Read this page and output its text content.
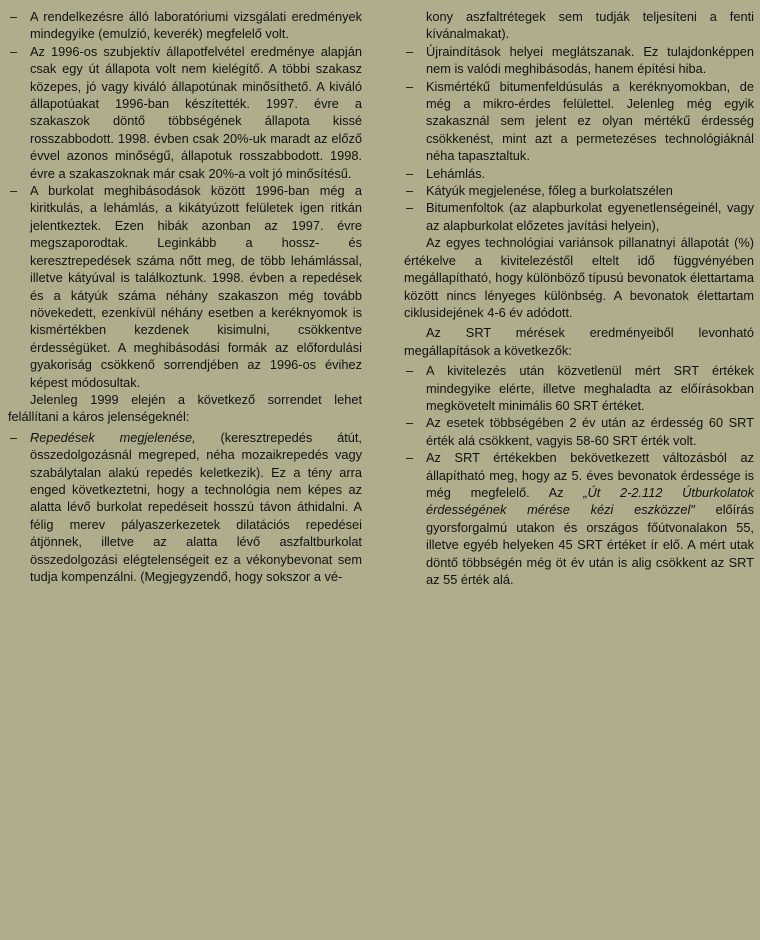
– A rendelkezésre álló laboratóriumi vizsgálati eredmények mindegyike (emulzió, keverék) megfelelő volt.

– Az 1996-os szubjektív állapotfelvétel eredménye alapján csak egy út állapota volt nem kielégítő. A többi szakasz közepes, jó vagy kiváló állapotúnak minősíthető. A kiváló állapotúakat 1996-ban készítették. 1997. évre a szakaszok döntő többségének állapota kissé rosszabbodott. 1998. évben csak 20%-uk maradt az előző évvel azonos minőségű, állapotuk rosszabbodott. 1998. évre a szakaszoknak már csak 20%-a volt jó minősítésű.

– A burkolat meghibásodások között 1996-ban még a kiritkulás, a lehámlás, a kikátyúzott felületek igen ritkán jelentkeztek. Ezen hibák azonban az 1997. évre megszaporodtak. Leginkább a hossz- és keresztrepedések száma nőtt meg, de több lehámlással, illetve kátyúval is találkoztunk. 1998. évben a repedések és a kátyúk száma néhány szakaszon még tovább növekedett, ezenkívül néhány esetben a keréknyomok is kismértékben kezdenek kisimulni, csökkentve érdességüket. A meghibásodási formák az előfordulási gyakoriság csökkenő sorrendjében az 1996-os évihez képest módosultak.

Jelenleg 1999 elején a következő sorrendet lehet felállítani a káros jelenségeknél:

– Repedések megjelenése, (keresztrepedés átút, összedolgozásnál megreped, néha mozaikrepedés vagy szabálytalan alakú repedés keletkezik). Ez a tény arra enged következtetni, hogy a technológia nem képes az alatta lévő burkolat repedéseit hosszú távon áthidalni. A félig merev pályaszerkezetek dilatációs repedései átjönnek, illetve az alatta lévő aszfaltburkolat összedolgozási elégtelenségeit ez a vékonybevonat sem tudja kompenzálni. (Megjegyzendő, hogy sokszor a vé-

kony aszfaltrétegek sem tudják teljesíteni a fenti kívánalmakat).

– Újraindítások helyei meglátszanak. Ez tulajdonképpen nem is valódi meghibásodás, hanem építési hiba.

– Kismértékű bitumenfeldúsulás a keréknyomokban, de még a mikro-érdes felülettel. Jelenleg még egyik szakasznál sem jelent ez olyan mértékű érdesség csökkenést, mint azt a permetezéses technológiáknál néha tapasztaltuk.

– Lehámlás.

– Kátyúk megjelenése, főleg a burkolatszélen

– Bitumenfoltok (az alapburkolat egyenetlenségeinél, vagy az alapburkolat előzetes javítási helyein),

Az egyes technológiai variánsok pillanatnyi állapotát (%) értékelve a kivitelezéstől eltelt idő függvényében megállapítható, hogy különböző típusú bevonatok élettartama között nincs lényeges különbség. A bevonatok élettartam ciklusidejének 4-6 év adódott.

Az SRT mérések eredményeiből levonható megállapítások a következők:

– A kivitelezés után közvetlenül mért SRT értékek mindegyike elérte, illetve meghaladta az előírásokban megkövetelt minimális 60 SRT értéket.

– Az esetek többségében 2 év után az érdesség 60 SRT érték alá csökkent, vagyis 58-60 SRT érték volt.

– Az SRT értékekben bekövetkezett változásból az állapítható meg, hogy az 5. éves bevonatok érdessége is még megfelelő. Az „Út 2-2.112 Útburkolatok érdességének mérése kézi eszközzel" előírás gyorsforgalmú utakon és országos főútvonalakon 55, illetve egyéb helyeken 45 SRT értéket ír elő. A mért utak döntő többségén még öt év után is alig csökkent az SRT az 55 érték alá.
